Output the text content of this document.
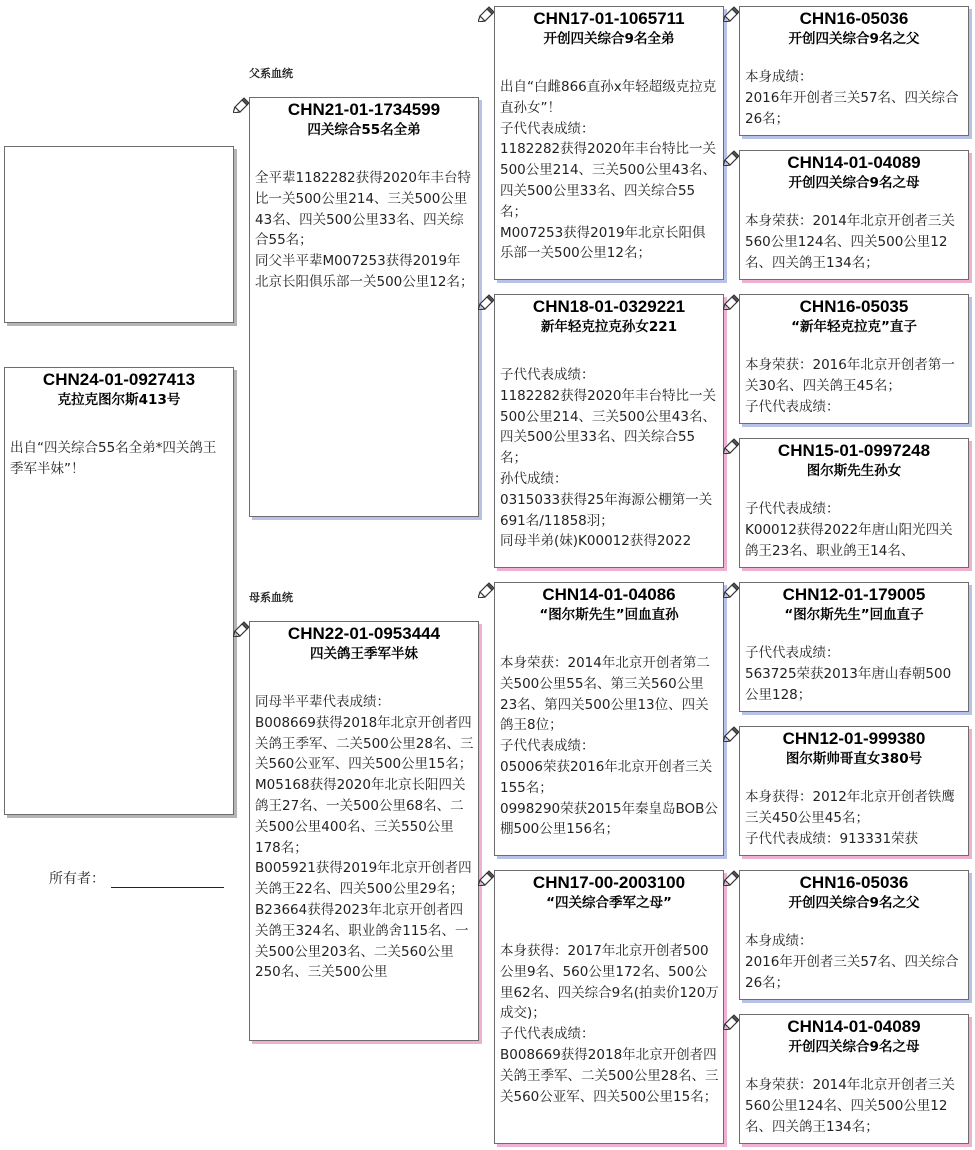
CHN24-01-0927413
克拉克图尔斯413号
出自“四关综合55名全弟*四关鸽王季军半妹”！
所有者：
父系血统
母系血统
CHN21-01-1734599
四关综合55名全弟
全平辈1182282获得2020年丰台特比一关500公里214、三关500公里43名、四关500公里33名、四关综合55名；
同父半平辈M007253获得2019年北京长阳俱乐部一关500公里12名；
CHN22-01-0953444
四关鸽王季军半妹
同母半平辈代表成绩：
B008669获得2018年北京开创者四关鸽王季军、二关500公里28名、三关560公亚军、四关500公里15名；
M05168获得2020年北京长阳四关鸽王27名、一关500公里68名、二关500公里400名、三关550公里178名；
B005921获得2019年北京开创者四关鸽王22名、四关500公里29名；
B23664获得2023年北京开创者四关鸽王324名、职业鸽舍115名、一关500公里203名、二关560公里250名、三关500公里
CHN17-01-1065711
开创四关综合9名全弟
出自“白雌866直孙x年轻超级克拉克直孙女”！
子代代表成绩：
1182282获得2020年丰台特比一关500公里214、三关500公里43名、四关500公里33名、四关综合55名；
M007253获得2019年北京长阳俱乐部一关500公里12名；
CHN18-01-0329221
新年轻克拉克孙女221
子代代表成绩：
1182282获得2020年丰台特比一关500公里214、三关500公里43名、四关500公里33名、四关综合55名；
孙代成绩：
0315033获得25年海源公棚第一关691名/11858羽；
同母半弟(妹)K00012获得2022
CHN14-01-04086
“图尔斯先生”回血直孙
本身荣获：2014年北京开创者第二关500公里55名、第三关560公里23名、第四关500公里13位、四关鸽王8位；
子代代表成绩：
05006荣获2016年北京开创者三关155名；
0998290荣获2015年秦皇岛BOB公棚500公里156名；
CHN17-00-2003100
“四关综合季军之母”
本身获得：2017年北京开创者500公里9名、560公里172名、500公里62名、四关综合9名(拍卖价120万成交)；
子代代表成绩：
B008669获得2018年北京开创者四关鸽王季军、二关500公里28名、三关560公亚军、四关500公里15名；
CHN16-05036
开创四关综合9名之父
本身成绩：
2016年开创者三关57名、四关综合26名；
CHN14-01-04089
开创四关综合9名之母
本身荣获：2014年北京开创者三关560公里124名、四关500公里12名、四关鸽王134名；
CHN16-05035
“新年轻克拉克”直子
本身荣获：2016年北京开创者第一关30名、四关鸽王45名；
子代代表成绩：
CHN15-01-0997248
图尔斯先生孙女
子代代表成绩：
K00012获得2022年唐山阳光四关鸽王23名、职业鸽王14名、
CHN12-01-179005
“图尔斯先生”回血直子
子代代表成绩：
563725荣获2013年唐山春朝500公里128；
CHN12-01-999380
图尔斯帅哥直女380号
本身获得：2012年北京开创者铁鹰三关450公里45名；
子代代表成绩：913331荣获
CHN16-05036
开创四关综合9名之父
本身成绩：
2016年开创者三关57名、四关综合26名；
CHN14-01-04089
开创四关综合9名之母
本身荣获：2014年北京开创者三关560公里124名、四关500公里12名、四关鸽王134名；
